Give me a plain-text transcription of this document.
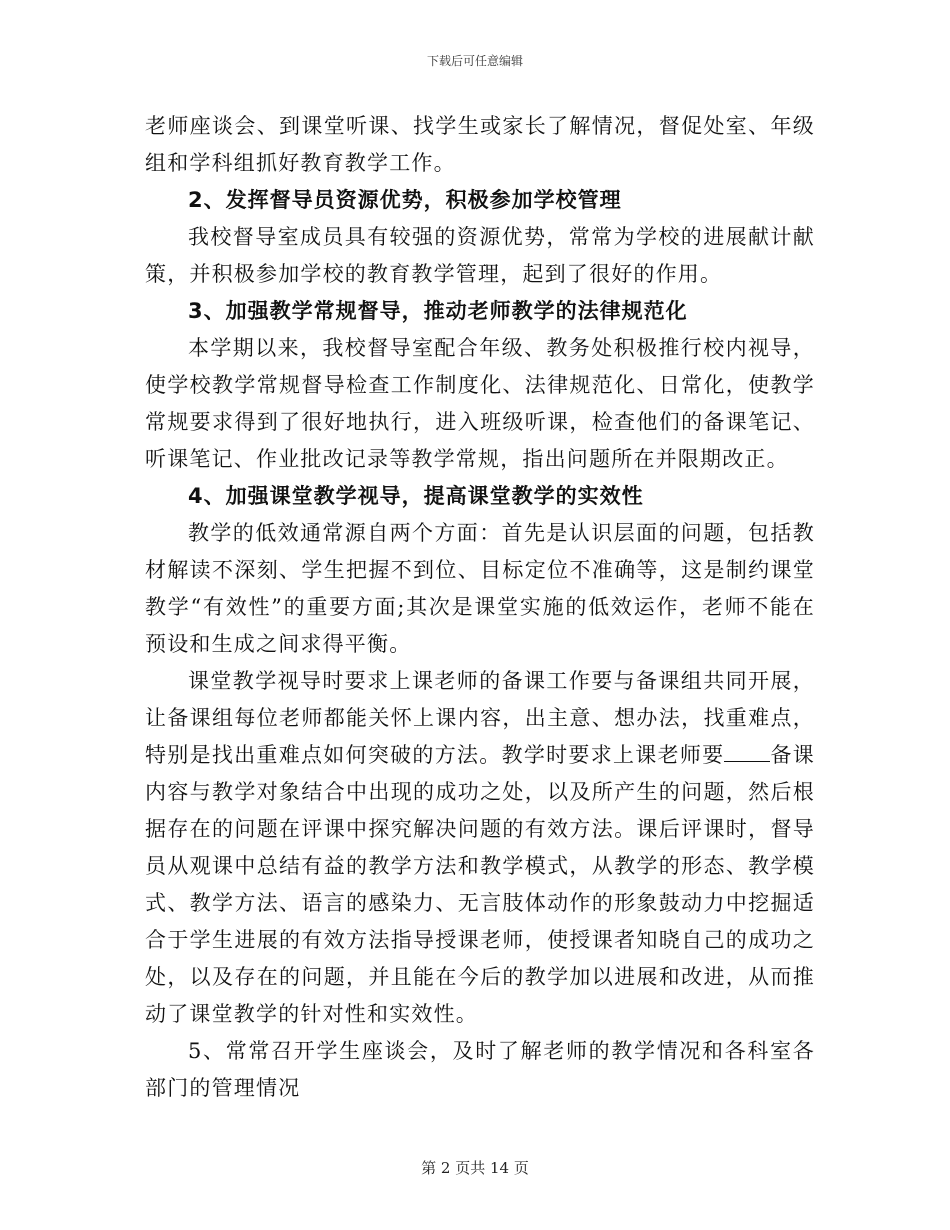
下载后可任意编辑

老师座谈会、到课堂听课、找学生或家长了解情况，督促处室、年级组和学科组抓好教育教学工作。

2、发挥督导员资源优势，积极参加学校管理

我校督导室成员具有较强的资源优势，常常为学校的进展献计献策，并积极参加学校的教育教学管理，起到了很好的作用。

3、加强教学常规督导，推动老师教学的法律规范化

本学期以来，我校督导室配合年级、教务处积极推行校内视导，使学校教学常规督导检查工作制度化、法律规范化、日常化，使教学常规要求得到了很好地执行，进入班级听课，检查他们的备课笔记、听课笔记、作业批改记录等教学常规，指出问题所在并限期改正。

4、加强课堂教学视导，提高课堂教学的实效性

教学的低效通常源自两个方面：首先是认识层面的问题，包括教材解读不深刻、学生把握不到位、目标定位不准确等，这是制约课堂教学“有效性”的重要方面;其次是课堂实施的低效运作，老师不能在预设和生成之间求得平衡。

课堂教学视导时要求上课老师的备课工作要与备课组共同开展，让备课组每位老师都能关怀上课内容，出主意、想办法，找重难点，特别是找出重难点如何突破的方法。教学时要求上课老师要 备课内容与教学对象结合中出现的成功之处，以及所产生的问题，然后根据存在的问题在评课中探究解决问题的有效方法。课后评课时，督导员从观课中总结有益的教学方法和教学模式，从教学的形态、教学模式、教学方法、语言的感染力、无言肢体动作的形象鼓动力中挖掘适合于学生进展的有效方法指导授课老师，使授课者知晓自己的成功之处，以及存在的问题，并且能在今后的教学加以进展和改进，从而推动了课堂教学的针对性和实效性。

5、常常召开学生座谈会，及时了解老师的教学情况和各科室各部门的管理情况

第 2 页共 14 页
